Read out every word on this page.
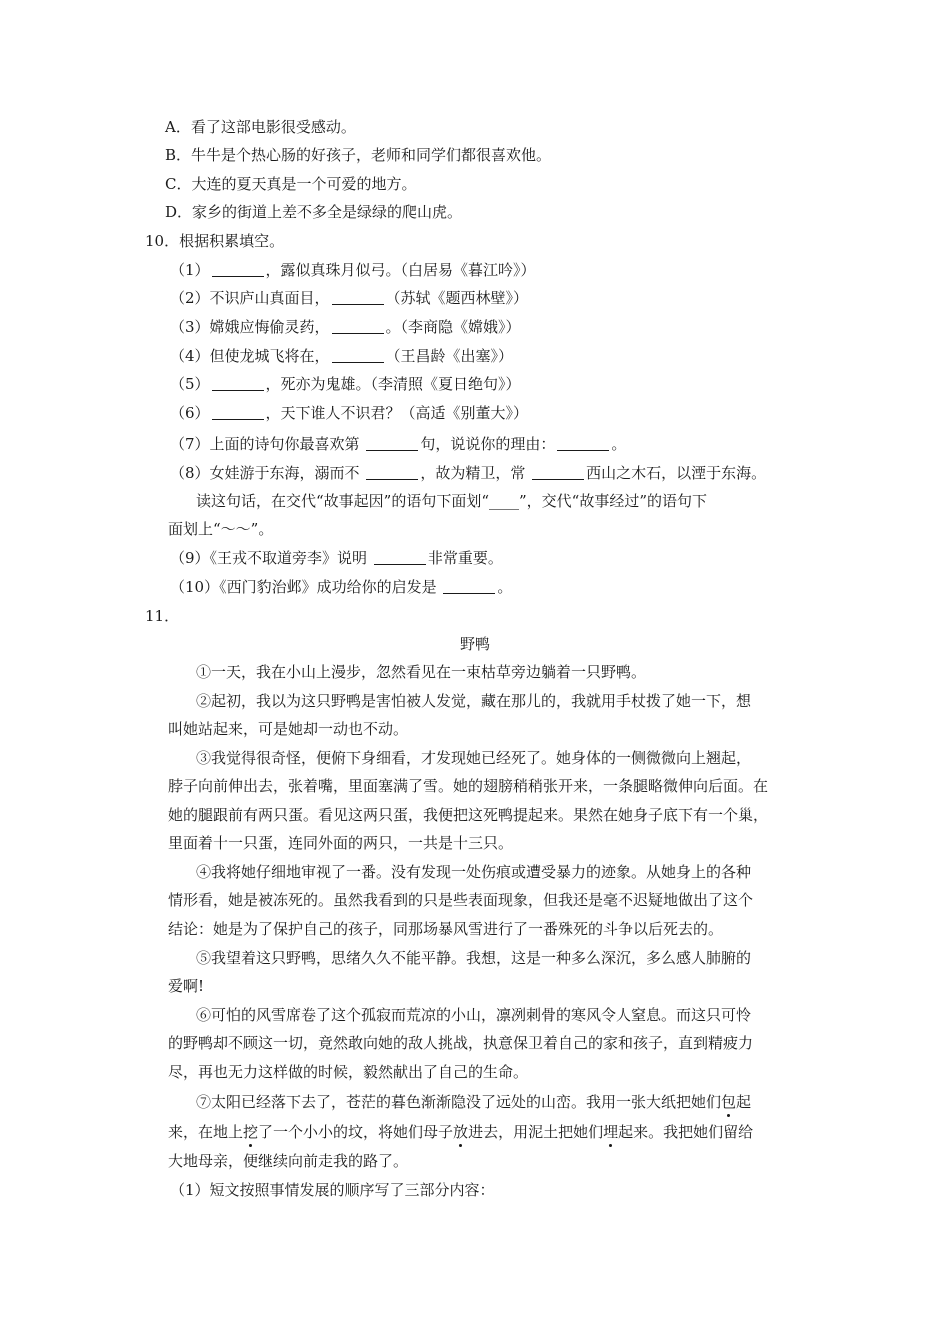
A．看了这部电影很受感动。
B．牛牛是个热心肠的好孩子，老师和同学们都很喜欢他。
C．大连的夏天真是一个可爱的地方。
D．家乡的街道上差不多全是绿绿的爬山虎。
10．根据积累填空。
（1）	，露似真珠月似弓。（白居易《暮江吟》）
（2）不识庐山真面目，	（苏轼《题西林壁》）
（3）嫦娥应悔偷灵药，	。（李商隐《嫦娥》）
（4）但使龙城飞将在，	（王昌龄《出塞》）
（5）	，死亦为鬼雄。（李清照《夏日绝句》）
（6）	，天下谁人不识君？（高适《别董大》）
（7）上面的诗句你最喜欢第	句，说说你的理由：	。
（8）女娃游于东海，溺而不	，故为精卫，常	西山之木石，以湮于东海。
读这句话，在交代“故事起因”的语句下面划“____”，交代“故事经过”的语句下
面划上“～～”。
（9）《王戎不取道旁李》说明	非常重要。
（10）《西门豹治邺》成功给你的启发是	。
11．
野鸭
①一天，我在小山上漫步，忽然看见在一束枯草旁边躺着一只野鸭。
②起初，我以为这只野鸭是害怕被人发觉，藏在那儿的，我就用手杖拨了她一下，想
叫她站起来，可是她却一动也不动。
③我觉得很奇怪，便俯下身细看，才发现她已经死了。她身体的一侧微微向上翘起，
脖子向前伸出去，张着嘴，里面塞满了雪。她的翅膀稍稍张开来，一条腿略微伸向后面。在
她的腿跟前有两只蛋。看见这两只蛋，我便把这死鸭提起来。果然在她身子底下有一个巢，
里面着十一只蛋，连同外面的两只，一共是十三只。
④我将她仔细地审视了一番。没有发现一处伤痕或遭受暴力的迹象。从她身上的各种
情形看，她是被冻死的。虽然我看到的只是些表面现象，但我还是毫不迟疑地做出了这个
结论：她是为了保护自己的孩子，同那场暴风雪进行了一番殊死的斗争以后死去的。
⑤我望着这只野鸭，思绪久久不能平静。我想，这是一种多么深沉，多么感人肺腑的
爱啊!
⑥可怕的风雪席卷了这个孤寂而荒凉的小山，凛冽刺骨的寒风令人窒息。而这只可怜
的野鸭却不顾这一切，竟然敢向她的敌人挑战，执意保卫着自己的家和孩子，直到精疲力
尽，再也无力这样做的时候，毅然献出了自己的生命。
⑦太阳已经落下去了，苍茫的暮色渐渐隐没了远处的山峦。我用一张大纸把她们包起
来，在地上挖了一个小小的坟，将她们母子放进去，用泥土把她们埋起来。我把她们留给
大地母亲，便继续向前走我的路了。
（1）短文按照事情发展的顺序写了三部分内容：
